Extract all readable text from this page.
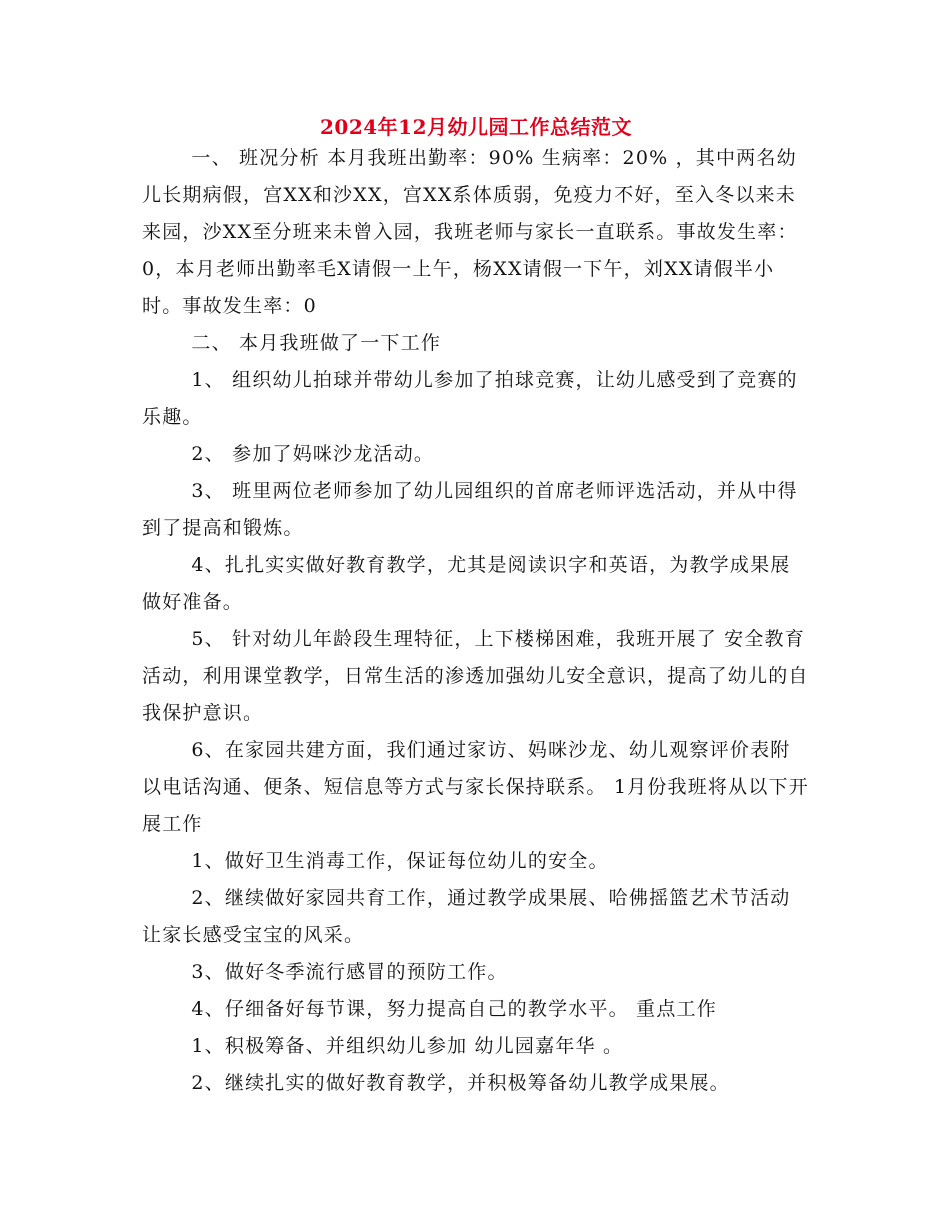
2024年12月幼儿园工作总结范文

一、 班况分析 本月我班出勤率：90% 生病率：20% ，其中两名幼儿长期病假，宫XX和沙XX，宫XX系体质弱，免疫力不好，至入冬以来未来园，沙XX至分班来未曾入园，我班老师与家长一直联系。事故发生率：0，本月老师出勤率毛X请假一上午，杨XX请假一下午，刘XX请假半小时。事故发生率：0

二、 本月我班做了一下工作

1、 组织幼儿拍球并带幼儿参加了拍球竞赛，让幼儿感受到了竞赛的乐趣。

2、 参加了妈咪沙龙活动。

3、 班里两位老师参加了幼儿园组织的首席老师评选活动，并从中得到了提高和锻炼。

4、扎扎实实做好教育教学，尤其是阅读识字和英语，为教学成果展做好准备。

5、 针对幼儿年龄段生理特征，上下楼梯困难，我班开展了 安全教育 活动，利用课堂教学，日常生活的渗透加强幼儿安全意识，提高了幼儿的自我保护意识。

6、在家园共建方面，我们通过家访、妈咪沙龙、幼儿观察评价表附以电话沟通、便条、短信息等方式与家长保持联系。 1月份我班将从以下开展工作

1、做好卫生消毒工作，保证每位幼儿的安全。

2、继续做好家园共育工作，通过教学成果展、哈佛摇篮艺术节活动让家长感受宝宝的风采。

3、做好冬季流行感冒的预防工作。

4、仔细备好每节课，努力提高自己的教学水平。 重点工作

1、积极筹备、并组织幼儿参加 幼儿园嘉年华 。

2、继续扎实的做好教育教学，并积极筹备幼儿教学成果展。
